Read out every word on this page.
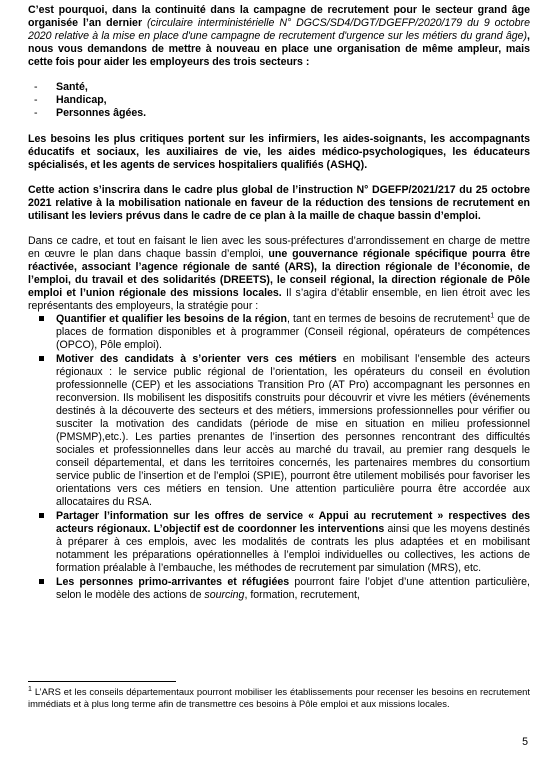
C’est pourquoi, dans la continuité dans la campagne de recrutement pour le secteur grand âge organisée l’an dernier (circulaire interministérielle N° DGCS/SD4/DGT/DGEFP/2020/179 du 9 octobre 2020 relative à la mise en place d'une campagne de recrutement d'urgence sur les métiers du grand âge), nous vous demandons de mettre à nouveau en place une organisation de même ampleur, mais cette fois pour aider les employeurs des trois secteurs :

- Santé,
- Handicap,
- Personnes âgées.

Les besoins les plus critiques portent sur les infirmiers, les aides-soignants, les accompagnants éducatifs et sociaux, les auxiliaires de vie, les aides médico-psychologiques, les éducateurs spécialisés, et les agents de services hospitaliers qualifiés (ASHQ).

Cette action s’inscrira dans le cadre plus global de l’instruction N° DGEFP/2021/217 du 25 octobre 2021 relative à la mobilisation nationale en faveur de la réduction des tensions de recrutement en utilisant les leviers prévus dans le cadre de ce plan à la maille de chaque bassin d’emploi.

Dans ce cadre, et tout en faisant le lien avec les sous-préfectures d’arrondissement en charge de mettre en œuvre le plan dans chaque bassin d’emploi, une gouvernance régionale spécifique pourra être réactivée, associant l’agence régionale de santé (ARS), la direction régionale de l’économie, de l’emploi, du travail et des solidarités (DREETS), le conseil régional, la direction régionale de Pôle emploi et l’union régionale des missions locales. Il s’agira d’établir ensemble, en lien étroit avec les représentants des employeurs, la stratégie pour :

Quantifier et qualifier les besoins de la région, tant en termes de besoins de recrutement$^1$ que de places de formation disponibles et à programmer (Conseil régional, opérateurs de compétences (OPCO), Pôle emploi).
Motiver des candidats à s’orienter vers ces métiers en mobilisant l’ensemble des acteurs régionaux : le service public régional de l’orientation, les opérateurs du conseil en évolution professionnelle (CEP) et les associations Transition Pro (AT Pro) accompagnant les personnes en reconversion. Ils mobilisent les dispositifs construits pour découvrir et vivre les métiers (événements destinés à la découverte des secteurs et des métiers, immersions professionnelles pour vérifier ou susciter la motivation des candidats (période de mise en situation en milieu professionnel (PMSMP),etc.). Les parties prenantes de l’insertion des personnes rencontrant des difficultés sociales et professionnelles dans leur accès au marché du travail, au premier rang desquels le conseil départemental, et dans les territoires concernés, les partenaires membres du consortium service public de l’insertion et de l’emploi (SPIE), pourront être utilement mobilisés pour favoriser les orientations vers ces métiers en tension. Une attention particulière pourra être accordée aux allocataires du RSA.
Partager l’information sur les offres de service « Appui au recrutement » respectives des acteurs régionaux. L’objectif est de coordonner les interventions ainsi que les moyens destinés à préparer à ces emplois, avec les modalités de contrats les plus adaptées et en mobilisant notamment les préparations opérationnelles à l’emploi individuelles ou collectives, les actions de formation préalable à l’embauche, les méthodes de recrutement par simulation (MRS), etc.
Les personnes primo-arrivantes et réfugiées pourront faire l’objet d’une attention particulière, selon le modèle des actions de sourcing, formation, recrutement,
$^1$ L’ARS et les conseils départementaux pourront mobiliser les établissements pour recenser les besoins en recrutement immédiats et à plus long terme afin de transmettre ces besoins à Pôle emploi et aux missions locales.
5
